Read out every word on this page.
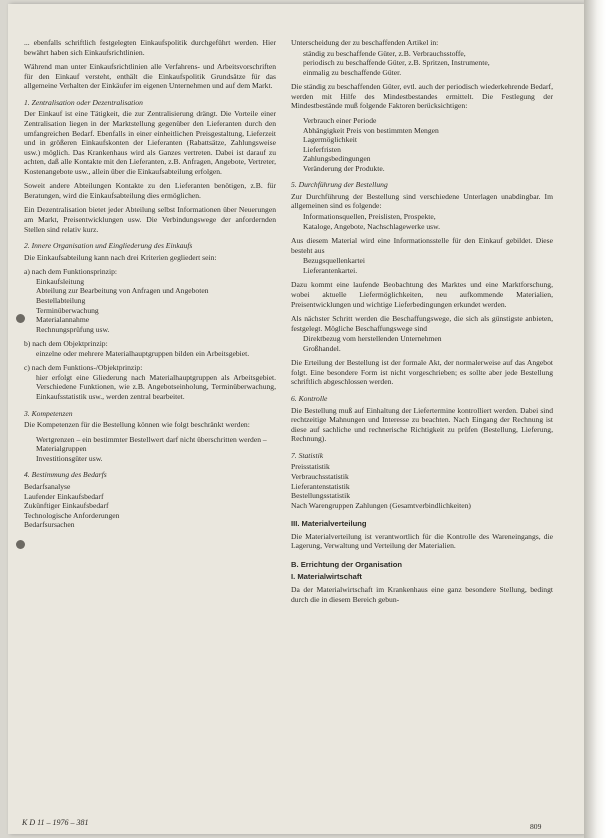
... ebenfalls schriftlich festgelegten Einkaufspolitik durchgeführt werden. Hier bewährt haben sich Einkaufsrichtlinien.

Während man unter Einkaufsrichtlinien alle Verfahrens- und Arbeitsvorschriften für den Einkauf versteht, enthält die Einkaufspolitik Grundsätze für das allgemeine Verhalten der Einkäufer im eigenen Unternehmen und auf dem Markt.

1. Zentralisation oder Dezentralisation

Der Einkauf ist eine Tätigkeit, die zur Zentralisierung drängt. Die Vorteile einer Zentralisation liegen in der Marktstellung gegenüber den Lieferanten durch den umfangreichen Bedarf. Ebenfalls in einer einheitlichen Preisgestaltung, Lieferzeit und in größeren Einkaufskonten der Lieferanten (Rabattsätze, Zahlungsweise usw.) möglich. Das Krankenhaus wird als Ganzes vertreten. Dabei ist darauf zu achten, daß alle Kontakte mit den Lieferanten, z.B. Anfragen, Angebote, Vertreter, Kostenangebote usw., allein über die Einkaufsabteilung erfolgen.

Soweit andere Abteilungen Kontakte zu den Lieferanten benötigen, z.B. für Beratungen, wird die Einkaufsabteilung dies ermöglichen.

Ein Dezentralisation bietet jeder Abteilung selbst Informationen über Neuerungen am Markt, Preisentwicklungen usw. Die Verbindungswege der anfordernden Stellen sind relativ kurz.

2. Innere Organisation und Eingliederung des Einkaufs

Die Einkaufsabteilung kann nach drei Kriterien gegliedert sein:

a) nach dem Funktionsprinzip:
Einkaufsleitung
Abteilung zur Bearbeitung von Anfragen und Angeboten
Bestellabteilung
Terminüberwachung
Materialannahme
Rechnungsprüfung usw.
b) nach dem Objektprinzip:

einzelne oder mehrere Materialhauptgruppen bilden ein Arbeitsgebiet.

c) nach dem Funktions-/Objektprinzip:

hier erfolgt eine Gliederung nach Materialhauptgruppen als Arbeitsgebiet. Verschiedene Funktionen, wie z.B. Angebotseinholung, Terminüberwachung, Einkaufsstatistik usw., werden zentral bearbeitet.

3. Kompetenzen

Die Kompetenzen für die Bestellung können wie folgt beschränkt werden:

Wertgrenzen – ein bestimmter Bestellwert darf nicht überschritten werden –
Materialgruppen
Investitionsgüter usw.
4. Bestimmung des Bedarfs
Bedarfsanalyse
Laufender Einkaufsbedarf
Zukünftiger Einkaufsbedarf
Technologische Anforderungen
Bedarfsursachen

Unterscheidung der zu beschaffenden Artikel in:

ständig zu beschaffende Güter, z.B. Verbrauchsstoffe,
periodisch zu beschaffende Güter, z.B. Spritzen, Instrumente,
einmalig zu beschaffende Güter.

Die ständig zu beschaffenden Güter, evtl. auch der periodisch wiederkehrende Bedarf, werden mit Hilfe des Mindestbestandes ermittelt. Die Festlegung der Mindestbestände muß folgende Faktoren berücksichtigen:

Verbrauch einer Periode
Abhängigkeit Preis von bestimmten Mengen
Lagermöglichkeit
Lieferfristen
Zahlungsbedingungen
Veränderung der Produkte.
5. Durchführung der Bestellung

Zur Durchführung der Bestellung sind verschiedene Unterlagen unabdingbar. Im allgemeinen sind es folgende:

Informationsquellen, Preislisten, Prospekte,
Kataloge, Angebote, Nachschlagewerke usw.

Aus diesem Material wird eine Informationsstelle für den Einkauf gebildet. Diese besteht aus

Bezugsquellenkartei
Lieferantenkartei.

Dazu kommt eine laufende Beobachtung des Marktes und eine Marktforschung, wobei aktuelle Liefermöglichkeiten, neu aufkommende Materialien, Preisentwicklungen und wichtige Lieferbedingungen erkundet werden.

Als nächster Schritt werden die Beschaffungswege, die sich als günstigste anbieten, festgelegt. Mögliche Beschaffungswege sind

Direktbezug vom herstellenden Unternehmen
Großhandel.

Die Erteilung der Bestellung ist der formale Akt, der normalerweise auf das Angebot folgt. Eine besondere Form ist nicht vorgeschrieben; es sollte aber jede Bestellung schriftlich abgeschlossen werden.

6. Kontrolle

Die Bestellung muß auf Einhaltung der Liefertermine kontrolliert werden. Dabei sind rechtzeitige Mahnungen und Interesse zu beachten. Nach Eingang der Rechnung ist diese auf sachliche und rechnerische Richtigkeit zu prüfen (Bestellung, Lieferung, Rechnung).

7. Statistik
Preisstatistik
Verbrauchsstatistik
Lieferantenstatistik
Bestellungsstatistik
Nach Warengruppen Zahlungen (Gesamtverbindlichkeiten)
III. Materialverteilung

Die Materialverteilung ist verantwortlich für die Kontrolle des Wareneingangs, die Lagerung, Verwaltung und Verteilung der Materialien.

B. Errichtung der Organisation
I. Materialwirtschaft

Da der Materialwirtschaft im Krankenhaus eine ganz besondere Stellung, bedingt durch die in diesem Bereich gebun-

K D 11 – 1976 – 381	809
